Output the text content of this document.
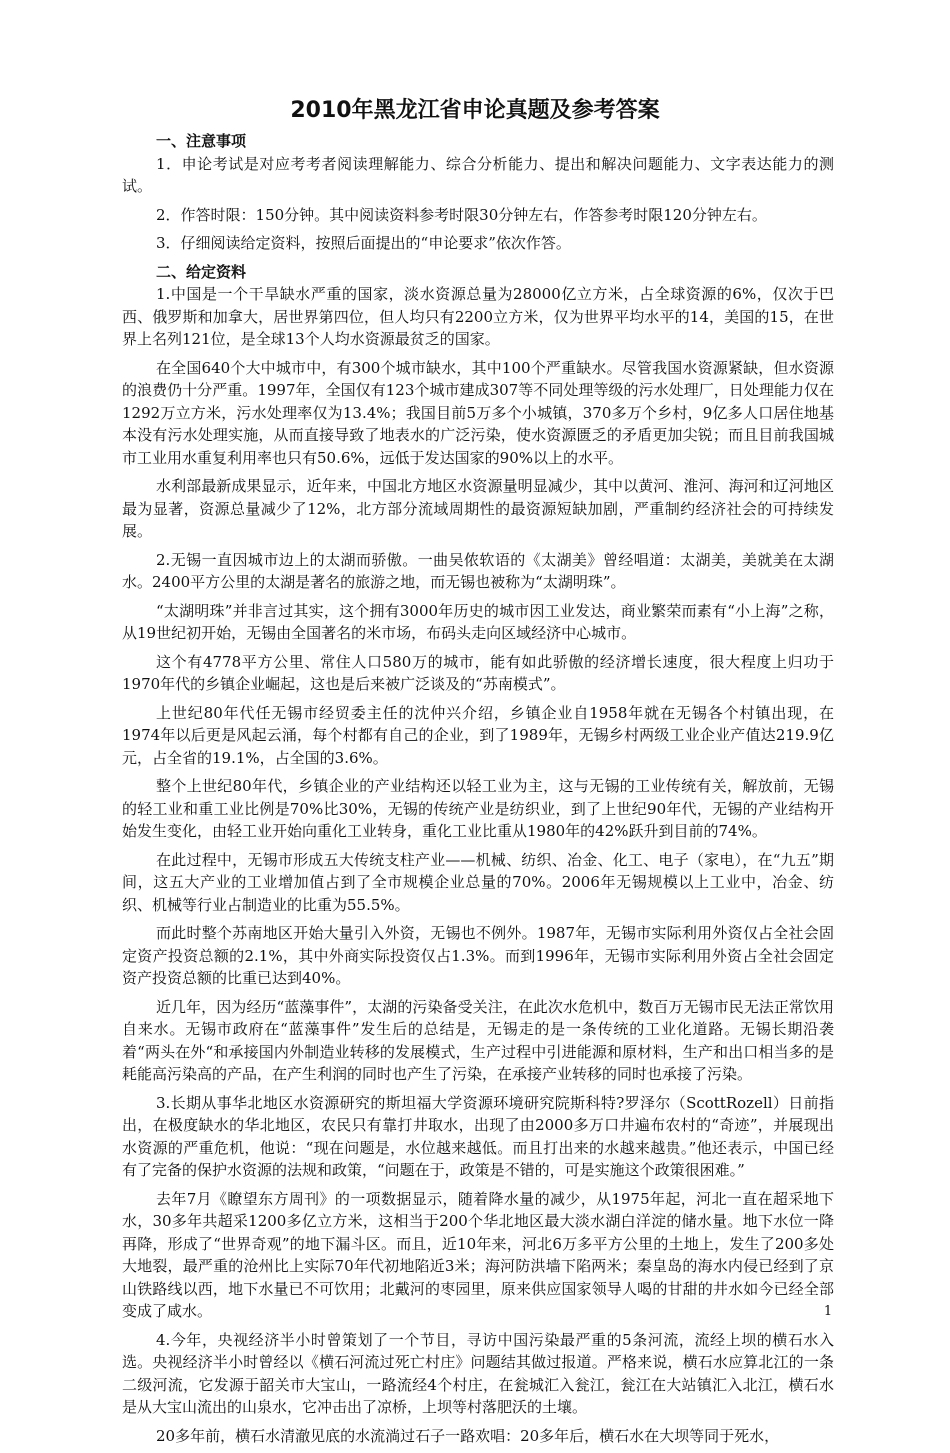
2010年黑龙江省申论真题及参考答案
一、注意事项

1．申论考试是对应考考者阅读理解能力、综合分析能力、提出和解决问题能力、文字表达能力的测试。

2．作答时限：150分钟。其中阅读资料参考时限30分钟左右，作答参考时限120分钟左右。

3．仔细阅读给定资料，按照后面提出的“申论要求”依次作答。

二、给定资料

1.中国是一个干旱缺水严重的国家，淡水资源总量为28000亿立方米，占全球资源的6%，仅次于巴西、俄罗斯和加拿大，居世界第四位，但人均只有2200立方米，仅为世界平均水平的14，美国的15，在世界上名列121位，是全球13个人均水资源最贫乏的国家。

在全国640个大中城市中，有300个城市缺水，其中100个严重缺水。尽管我国水资源紧缺，但水资源的浪费仍十分严重。1997年，全国仅有123个城市建成307等不同处理等级的污水处理厂，日处理能力仅在1292万立方米，污水处理率仅为13.4%；我国目前5万多个小城镇，370多万个乡村，9亿多人口居住地基本没有污水处理实施，从而直接导致了地表水的广泛污染，使水资源匮乏的矛盾更加尖锐；而且目前我国城市工业用水重复利用率也只有50.6%，远低于发达国家的90%以上的水平。

水利部最新成果显示，近年来，中国北方地区水资源量明显减少，其中以黄河、淮河、海河和辽河地区最为显著，资源总量减少了12%，北方部分流域周期性的最资源短缺加剧，严重制约经济社会的可持续发展。

2.无锡一直因城市边上的太湖而骄傲。一曲吴侬软语的《太湖美》曾经唱道：太湖美，美就美在太湖水。2400平方公里的太湖是著名的旅游之地，而无锡也被称为“太湖明珠”。

“太湖明珠”并非言过其实，这个拥有3000年历史的城市因工业发达，商业繁荣而素有“小上海”之称，从19世纪初开始，无锡由全国著名的米市场，布码头走向区域经济中心城市。

这个有4778平方公里、常住人口580万的城市，能有如此骄傲的经济增长速度，很大程度上归功于1970年代的乡镇企业崛起，这也是后来被广泛谈及的“苏南模式”。

上世纪80年代任无锡市经贸委主任的沈仲兴介绍，乡镇企业自1958年就在无锡各个村镇出现，在1974年以后更是风起云涌，每个村都有自己的企业，到了1989年，无锡乡村两级工业企业产值达219.9亿元，占全省的19.1%，占全国的3.6%。

整个上世纪80年代，乡镇企业的产业结构还以轻工业为主，这与无锡的工业传统有关，解放前，无锡的轻工业和重工业比例是70%比30%，无锡的传统产业是纺织业，到了上世纪90年代，无锡的产业结构开始发生变化，由轻工业开始向重化工业转身，重化工业比重从1980年的42%跃升到目前的74%。

在此过程中，无锡市形成五大传统支柱产业——机械、纺织、冶金、化工、电子（家电），在“九五”期间，这五大产业的工业增加值占到了全市规模企业总量的70%。2006年无锡规模以上工业中，冶金、纺织、机械等行业占制造业的比重为55.5%。

而此时整个苏南地区开始大量引入外资，无锡也不例外。1987年，无锡市实际利用外资仅占全社会固定资产投资总额的2.1%，其中外商实际投资仅占1.3%。而到1996年，无锡市实际利用外资占全社会固定资产投资总额的比重已达到40%。

近几年，因为经历“蓝藻事件”，太湖的污染备受关注，在此次水危机中，数百万无锡市民无法正常饮用自来水。无锡市政府在“蓝藻事件”发生后的总结是，无锡走的是一条传统的工业化道路。无锡长期沿袭着“两头在外“和承接国内外制造业转移的发展模式，生产过程中引进能源和原材料，生产和出口相当多的是耗能高污染高的产品，在产生利润的同时也产生了污染，在承接产业转移的同时也承接了污染。

3.长期从事华北地区水资源研究的斯坦福大学资源环境研究院斯科特?罗泽尔（ScottRozell）日前指出，在极度缺水的华北地区，农民只有靠打井取水，出现了由2000多万口井遍布农村的“奇迹”，并展现出水资源的严重危机，他说：“现在问题是，水位越来越低。而且打出来的水越来越贵。”他还表示，中国已经有了完备的保护水资源的法规和政策，“问题在于，政策是不错的，可是实施这个政策很困难。”

去年7月《瞭望东方周刊》的一项数据显示，随着降水量的减少，从1975年起，河北一直在超采地下水，30多年共超采1200多亿立方米，这相当于200个华北地区最大淡水湖白洋淀的储水量。地下水位一降再降，形成了“世界奇观”的地下漏斗区。而且，近10年来，河北6万多平方公里的土地上，发生了200多处大地裂，最严重的沧州比上实际70年代初地陷近3米；海河防洪墙下陷两米；秦皇岛的海水内侵已经到了京山铁路线以西，地下水量已不可饮用；北戴河的枣园里，原来供应国家领导人喝的甘甜的井水如今已经全部变成了咸水。

4.今年，央视经济半小时曾策划了一个节目，寻访中国污染最严重的5条河流，流经上坝的横石水入选。央视经济半小时曾经以《横石河流过死亡村庄》问题结其做过报道。严格来说，横石水应算北江的一条二级河流，它发源于韶关市大宝山，一路流经4个村庄，在瓮城汇入瓮江，瓮江在大站镇汇入北江，横石水是从大宝山流出的山泉水，它冲击出了凉桥，上坝等村落肥沃的土壤。

20多年前，横石水清澈见底的水流淌过石子一路欢唱：20多年后，横石水在大坝等同于死水，

1
